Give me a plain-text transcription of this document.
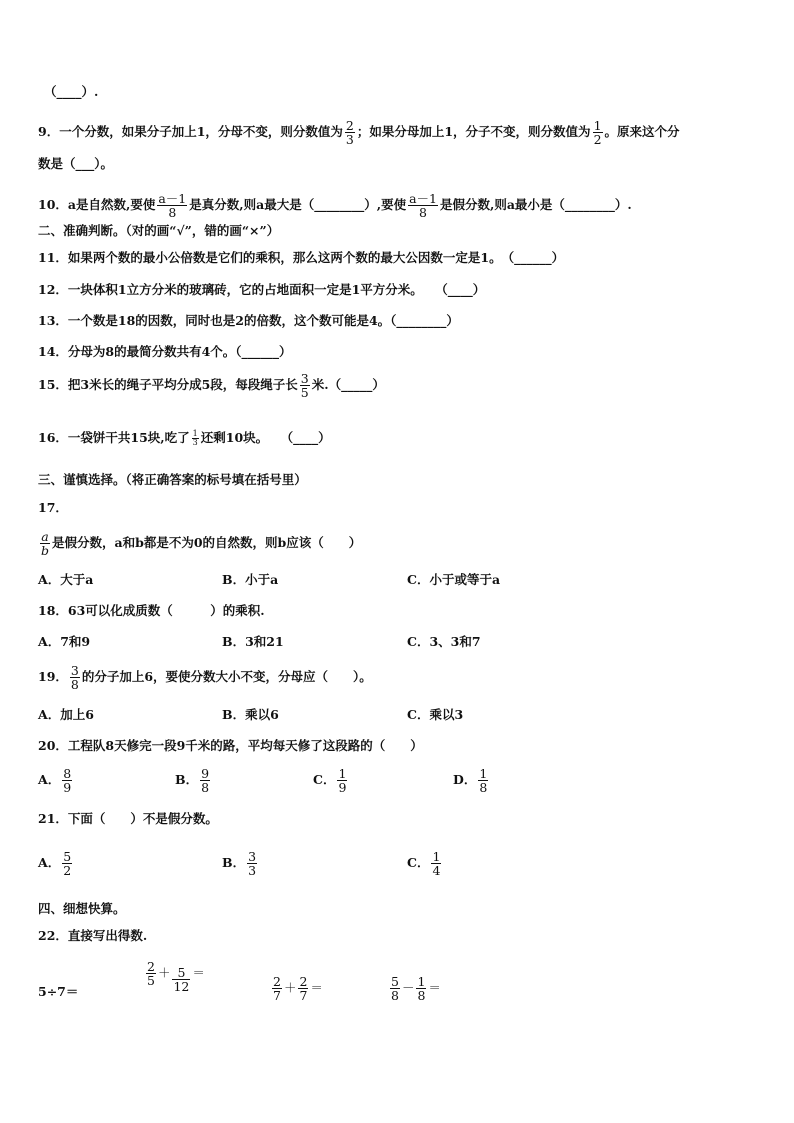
（____）.
9．一个分数，如果分子加上1，分母不变，则分数值为 $\frac{2}{3}$ ；如果分母加上1，分子不变，则分数值为 $\frac{1}{2}$ 。原来这个分
数是（___）。
10．a是自然数,要使 $\frac{a-1}{8}$ 是真分数,则a最大是（________）,要使 $\frac{a-1}{8}$ 是假分数,则a最小是（________）.
二、准确判断。（对的画“√”，错的画“×”）
11．如果两个数的最小公倍数是它们的乘积，那么这两个数的最大公因数一定是1。　（______）
12．一块体积1立方分米的玻璃砖，它的占地面积一定是1平方分米。　　（____）
13．一个数是18的因数，同时也是2的倍数，这个数可能是4。（________）
14．分母为8的最简分数共有4个。（______）
15．把3米长的绳子平均分成5段，每段绳子长 $\frac{3}{5}$ 米.（_____）
16．一袋饼干共15块,吃了 $\frac{1}{3}$ 还剩10块。　　（____）
三、谨慎选择。（将正确答案的标号填在括号里）
17．
$\frac{a}{b}$ 是假分数，a和b都是不为0的自然数，则b应该（　　）
A．大于a	B．小于a	C．小于或等于a
18．63可以化成质数（　　　）的乘积.
A．7和9	B．3和21	C．3、3和7
19． $\frac{3}{8}$ 的分子加上6，要使分数大小不变，分母应（　　）。
A．加上6	B．乘以6	C．乘以3
20．工程队8天修完一段9千米的路，平均每天修了这段路的（　　）
A． $\frac{8}{9}$	B． $\frac{9}{8}$	C． $\frac{1}{9}$	D． $\frac{1}{8}$
21．下面（　　）不是假分数。
A． $\frac{5}{2}$	B． $\frac{3}{3}$	C． $\frac{1}{4}$
四、细想快算。
22．直接写出得数.
5÷7＝
$\frac{2}{5} + \frac{5}{12}$ ＝
$\frac{2}{7} + \frac{2}{7}$ ＝	$\frac{5}{8} - \frac{1}{8}$ ＝
